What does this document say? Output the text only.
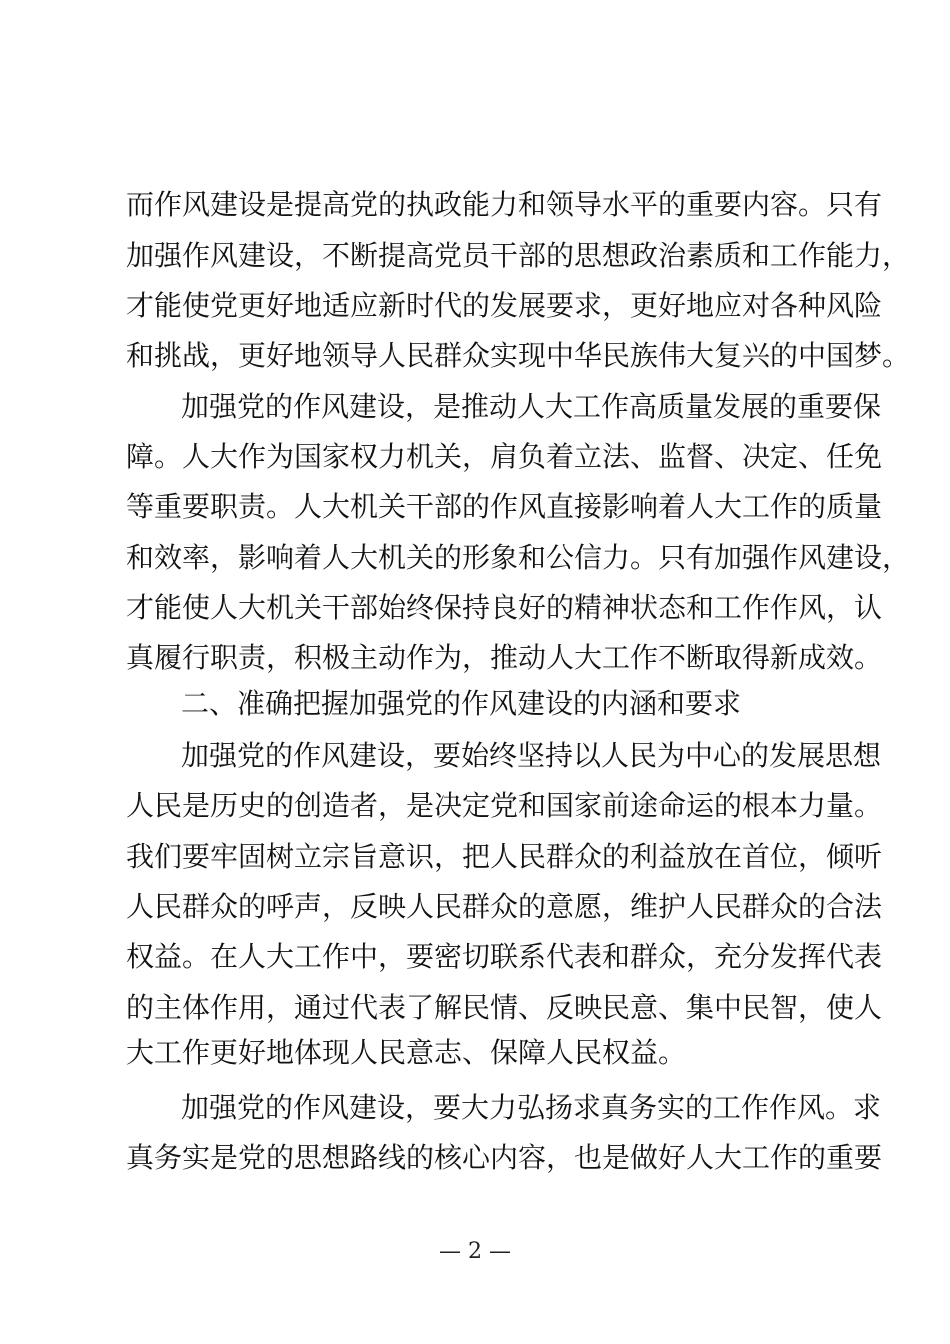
而作风建设是提高党的执政能力和领导水平的重要内容。只有
加强作风建设，不断提高党员干部的思想政治素质和工作能力，
才能使党更好地适应新时代的发展要求，更好地应对各种风险
和挑战，更好地领导人民群众实现中华民族伟大复兴的中国梦。
加强党的作风建设，是推动人大工作高质量发展的重要保
障。人大作为国家权力机关，肩负着立法、监督、决定、任免
等重要职责。人大机关干部的作风直接影响着人大工作的质量
和效率，影响着人大机关的形象和公信力。只有加强作风建设，
才能使人大机关干部始终保持良好的精神状态和工作作风，认
真履行职责，积极主动作为，推动人大工作不断取得新成效。
二、准确把握加强党的作风建设的内涵和要求
加强党的作风建设，要始终坚持以人民为中心的发展思想
人民是历史的创造者，是决定党和国家前途命运的根本力量。
我们要牢固树立宗旨意识，把人民群众的利益放在首位，倾听
人民群众的呼声，反映人民群众的意愿，维护人民群众的合法
权益。在人大工作中，要密切联系代表和群众，充分发挥代表
的主体作用，通过代表了解民情、反映民意、集中民智，使人
大工作更好地体现人民意志、保障人民权益。
加强党的作风建设，要大力弘扬求真务实的工作作风。求
真务实是党的思想路线的核心内容，也是做好人大工作的重要
— 2 —
